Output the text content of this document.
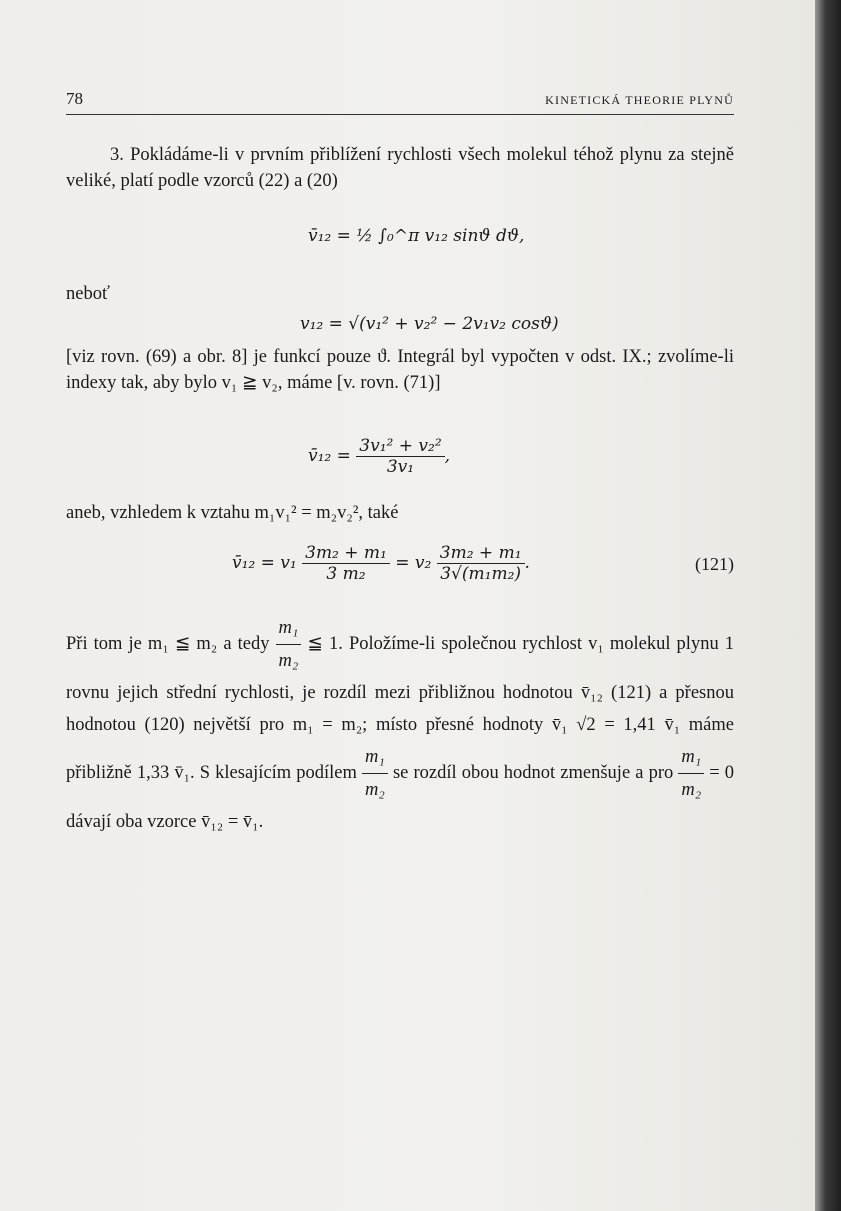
78	KINETICKÁ THEORIE PLYNŮ
3. Pokládáme-li v prvním přiblížení rychlosti všech molekul téhož plynu za stejně veliké, platí podle vzorců (22) a (20)
v̄₁₂ = ½ ∫₀^π v₁₂ sinϑ dϑ,
neboť
v₁₂ = √(v₁² + v₂² − 2v₁v₂ cosϑ)
[viz rovn. (69) a obr. 8] je funkcí pouze ϑ. Integrál byl vypočten v odst. IX.; zvolíme-li indexy tak, aby bylo v₁ ≧ v₂, máme [v. rovn. (71)]
v̄₁₂ = $\frac{\text{3v₁² + v₂²}}{\text{3v₁}}$ ,
aneb, vzhledem k vztahu m₁v₁² = m₂v₂², také
v̄₁₂ = $v_1 \frac{\text{3m₂ + m₁}}{\text{3 m₂}} = v_2 \frac{\text{3m₂ + m₁}}{\text{3√(m₁m₂)}}$ .	(121)
Při tom je m₁ ≦ m₂ a tedy $\frac{\text{m₁}}{\text{m₂}}$ ≦ 1. Položíme-li společnou rychlost v₁ molekul plynu 1 rovnu jejich střední rychlosti, je rozdíl mezi přibližnou hodnotou v̄₁₂ (121) a přesnou hodnotou (120) největší pro m₁ = m₂; místo přesné hodnoty v̄₁ √2 = 1,41 v̄₁ máme přibližně 1,33 v̄₁. S klesajícím podílem $\frac{\text{m₁}}{\text{m₂}}$ se rozdíl obou hodnot zmenšuje a pro $\frac{\text{m₁}}{\text{m₂}} = 0$ dávají oba vzorce v̄₁₂ = v̄₁.
